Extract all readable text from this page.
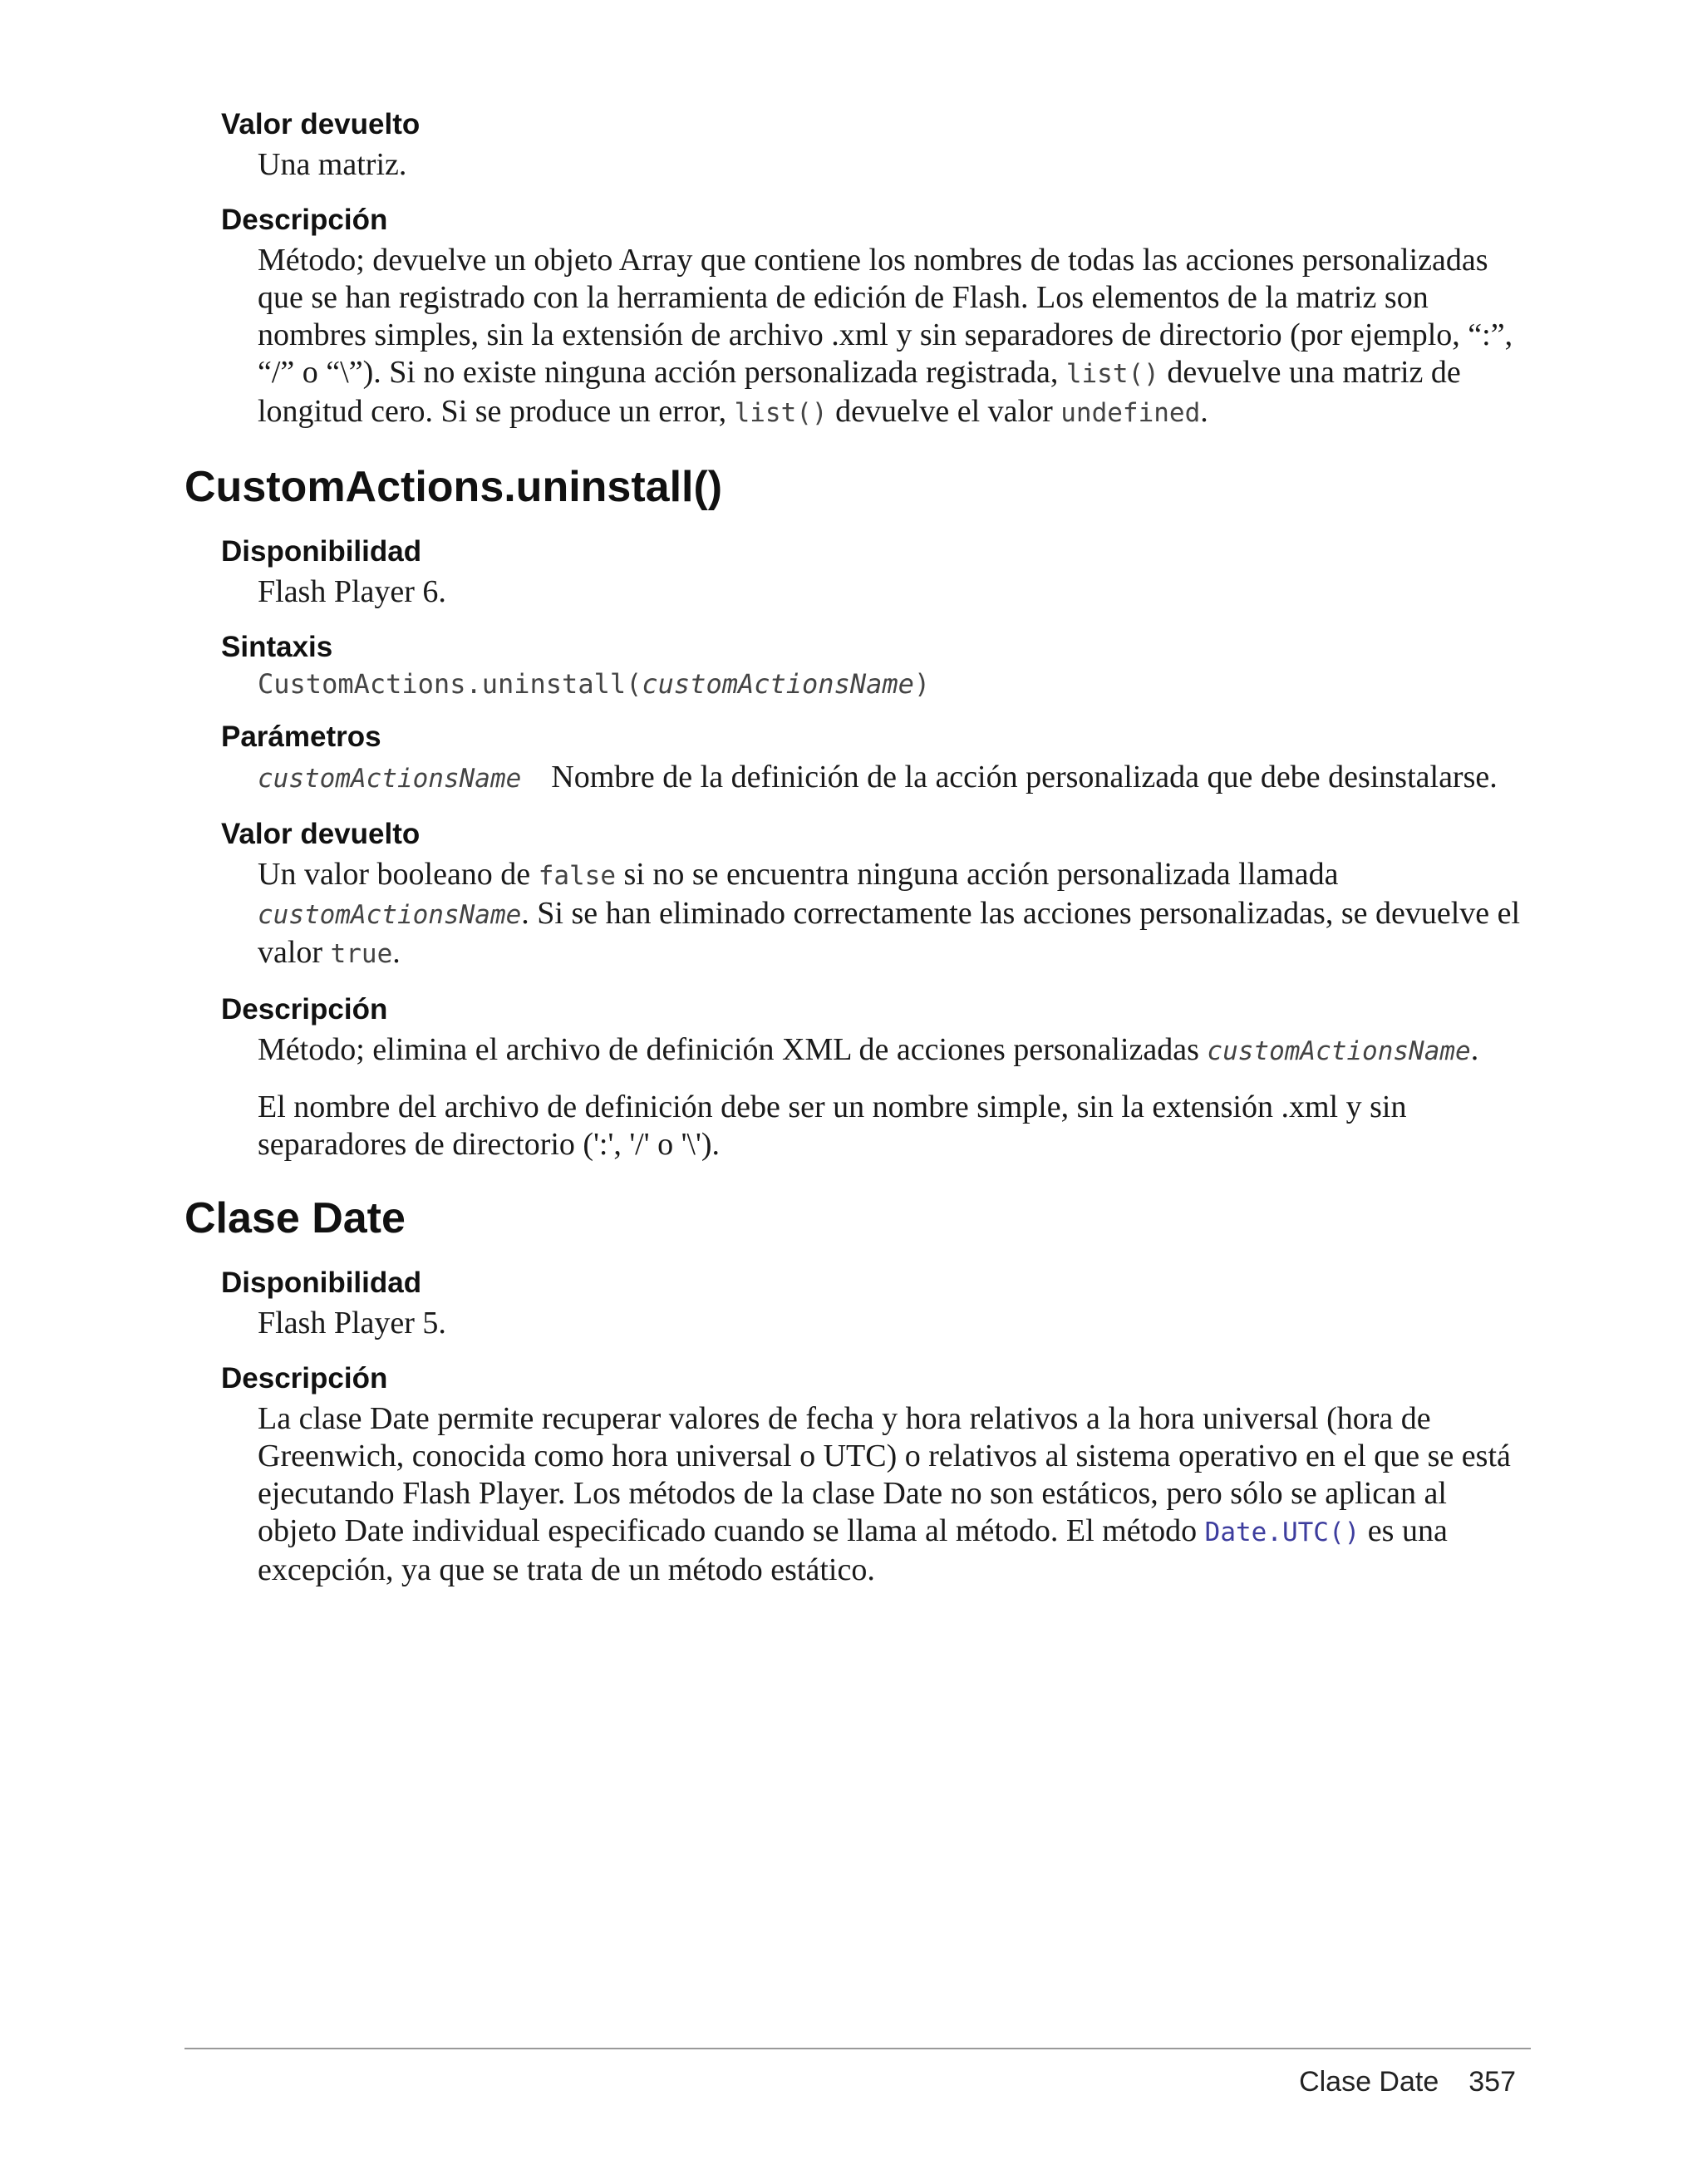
Valor devuelto

Una matriz.

Descripción

Método; devuelve un objeto Array que contiene los nombres de todas las acciones personalizadas que se han registrado con la herramienta de edición de Flash. Los elementos de la matriz son nombres simples, sin la extensión de archivo .xml y sin separadores de directorio (por ejemplo, “:”, “/” o “\”). Si no existe ninguna acción personalizada registrada, list() devuelve una matriz de longitud cero. Si se produce un error, list() devuelve el valor undefined.

CustomActions.uninstall()
Disponibilidad

Flash Player 6.

Sintaxis
CustomActions.uninstall(customActionsName)
Parámetros

customActionsName Nombre de la definición de la acción personalizada que debe desinstalarse.

Valor devuelto

Un valor booleano de false si no se encuentra ninguna acción personalizada llamada customActionsName. Si se han eliminado correctamente las acciones personalizadas, se devuelve el valor true.

Descripción

Método; elimina el archivo de definición XML de acciones personalizadas customActionsName.

El nombre del archivo de definición debe ser un nombre simple, sin la extensión .xml y sin separadores de directorio (':', '/' o '\').

Clase Date
Disponibilidad

Flash Player 5.

Descripción

La clase Date permite recuperar valores de fecha y hora relativos a la hora universal (hora de Greenwich, conocida como hora universal o UTC) o relativos al sistema operativo en el que se está ejecutando Flash Player. Los métodos de la clase Date no son estáticos, pero sólo se aplican al objeto Date individual especificado cuando se llama al método. El método Date.UTC() es una excepción, ya que se trata de un método estático.

Clase Date 357
